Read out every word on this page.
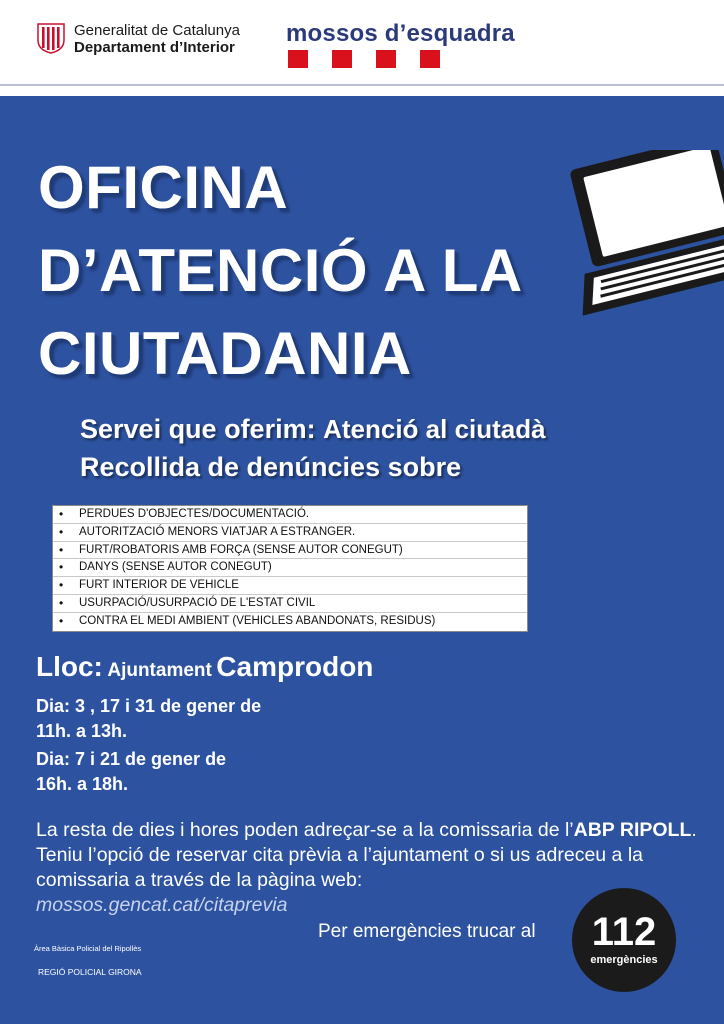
Generalitat de Catalunya
Departament d’Interior
mossos d’esquadra
OFICINA
D’ATENCIÓ A LA
CIUTADANIA
Servei que oferim: Atenció al ciutadà
Recollida de denúncies sobre
• PERDUES D'OBJECTES/DOCUMENTACIÓ.
• AUTORITZACIÓ MENORS VIATJAR A ESTRANGER.
• FURT/ROBATORIS AMB FORÇA (SENSE AUTOR CONEGUT)
• DANYS (SENSE AUTOR CONEGUT)
• FURT INTERIOR DE VEHICLE
• USURPACIÓ/USURPACIÓ DE L'ESTAT CIVIL
• CONTRA EL MEDI AMBIENT (VEHICLES ABANDONATS, RESIDUS)
Lloc: Ajuntament Camprodon
Dia: 3 , 17 i 31 de gener de
11h. a 13h.
Dia: 7 i 21 de gener de
16h. a 18h.
La resta de dies i hores poden adreçar-se a la comissaria de l’ABP RIPOLL. Teniu l’opció de reservar cita prèvia a l’ajuntament o si us adreceu a la comissaria a través de la pàgina web:
mossos.gencat.cat/citaprevia
Per emergències trucar al	112
emergències
Àrea Bàsica Policial del Ripollès
REGIÓ POLICIAL GIRONA
